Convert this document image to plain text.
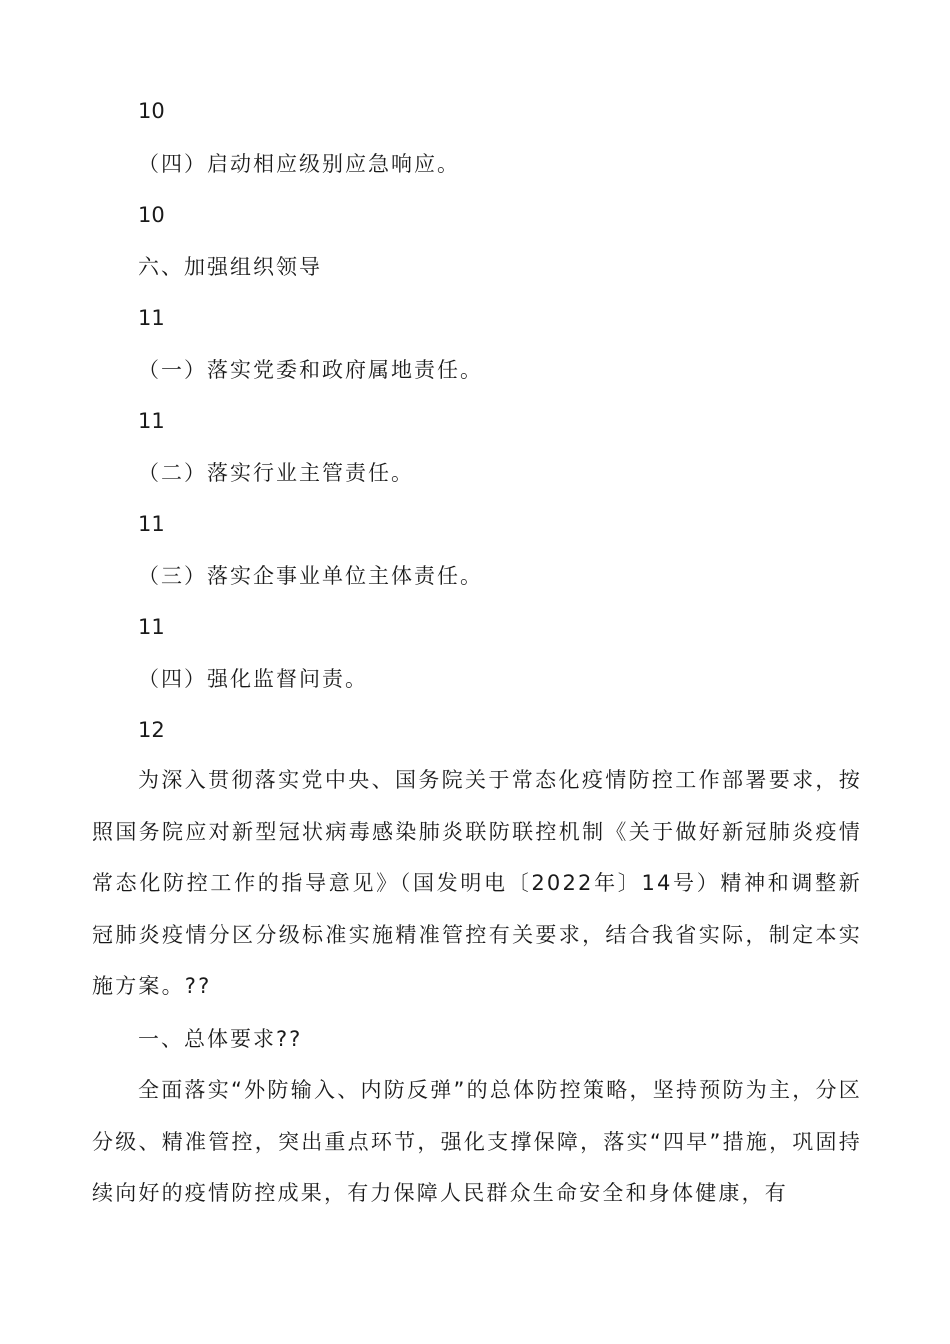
10
（四）启动相应级别应急响应。
10
六、加强组织领导
11
（一）落实党委和政府属地责任。
11
（二）落实行业主管责任。
11
（三）落实企事业单位主体责任。
11
（四）强化监督问责。
12

为深入贯彻落实党中央、国务院关于常态化疫情防控工作部署要求，按照国务院应对新型冠状病毒感染肺炎联防联控机制《关于做好新冠肺炎疫情常态化防控工作的指导意见》（国发明电〔2022年〕14号）精神和调整新冠肺炎疫情分区分级标准实施精准管控有关要求，结合我省实际，制定本实施方案。??

一、总体要求??

全面落实“外防输入、内防反弹”的总体防控策略，坚持预防为主，分区分级、精准管控，突出重点环节，强化支撑保障，落实“四早”措施，巩固持续向好的疫情防控成果，有力保障人民群众生命安全和身体健康，有
